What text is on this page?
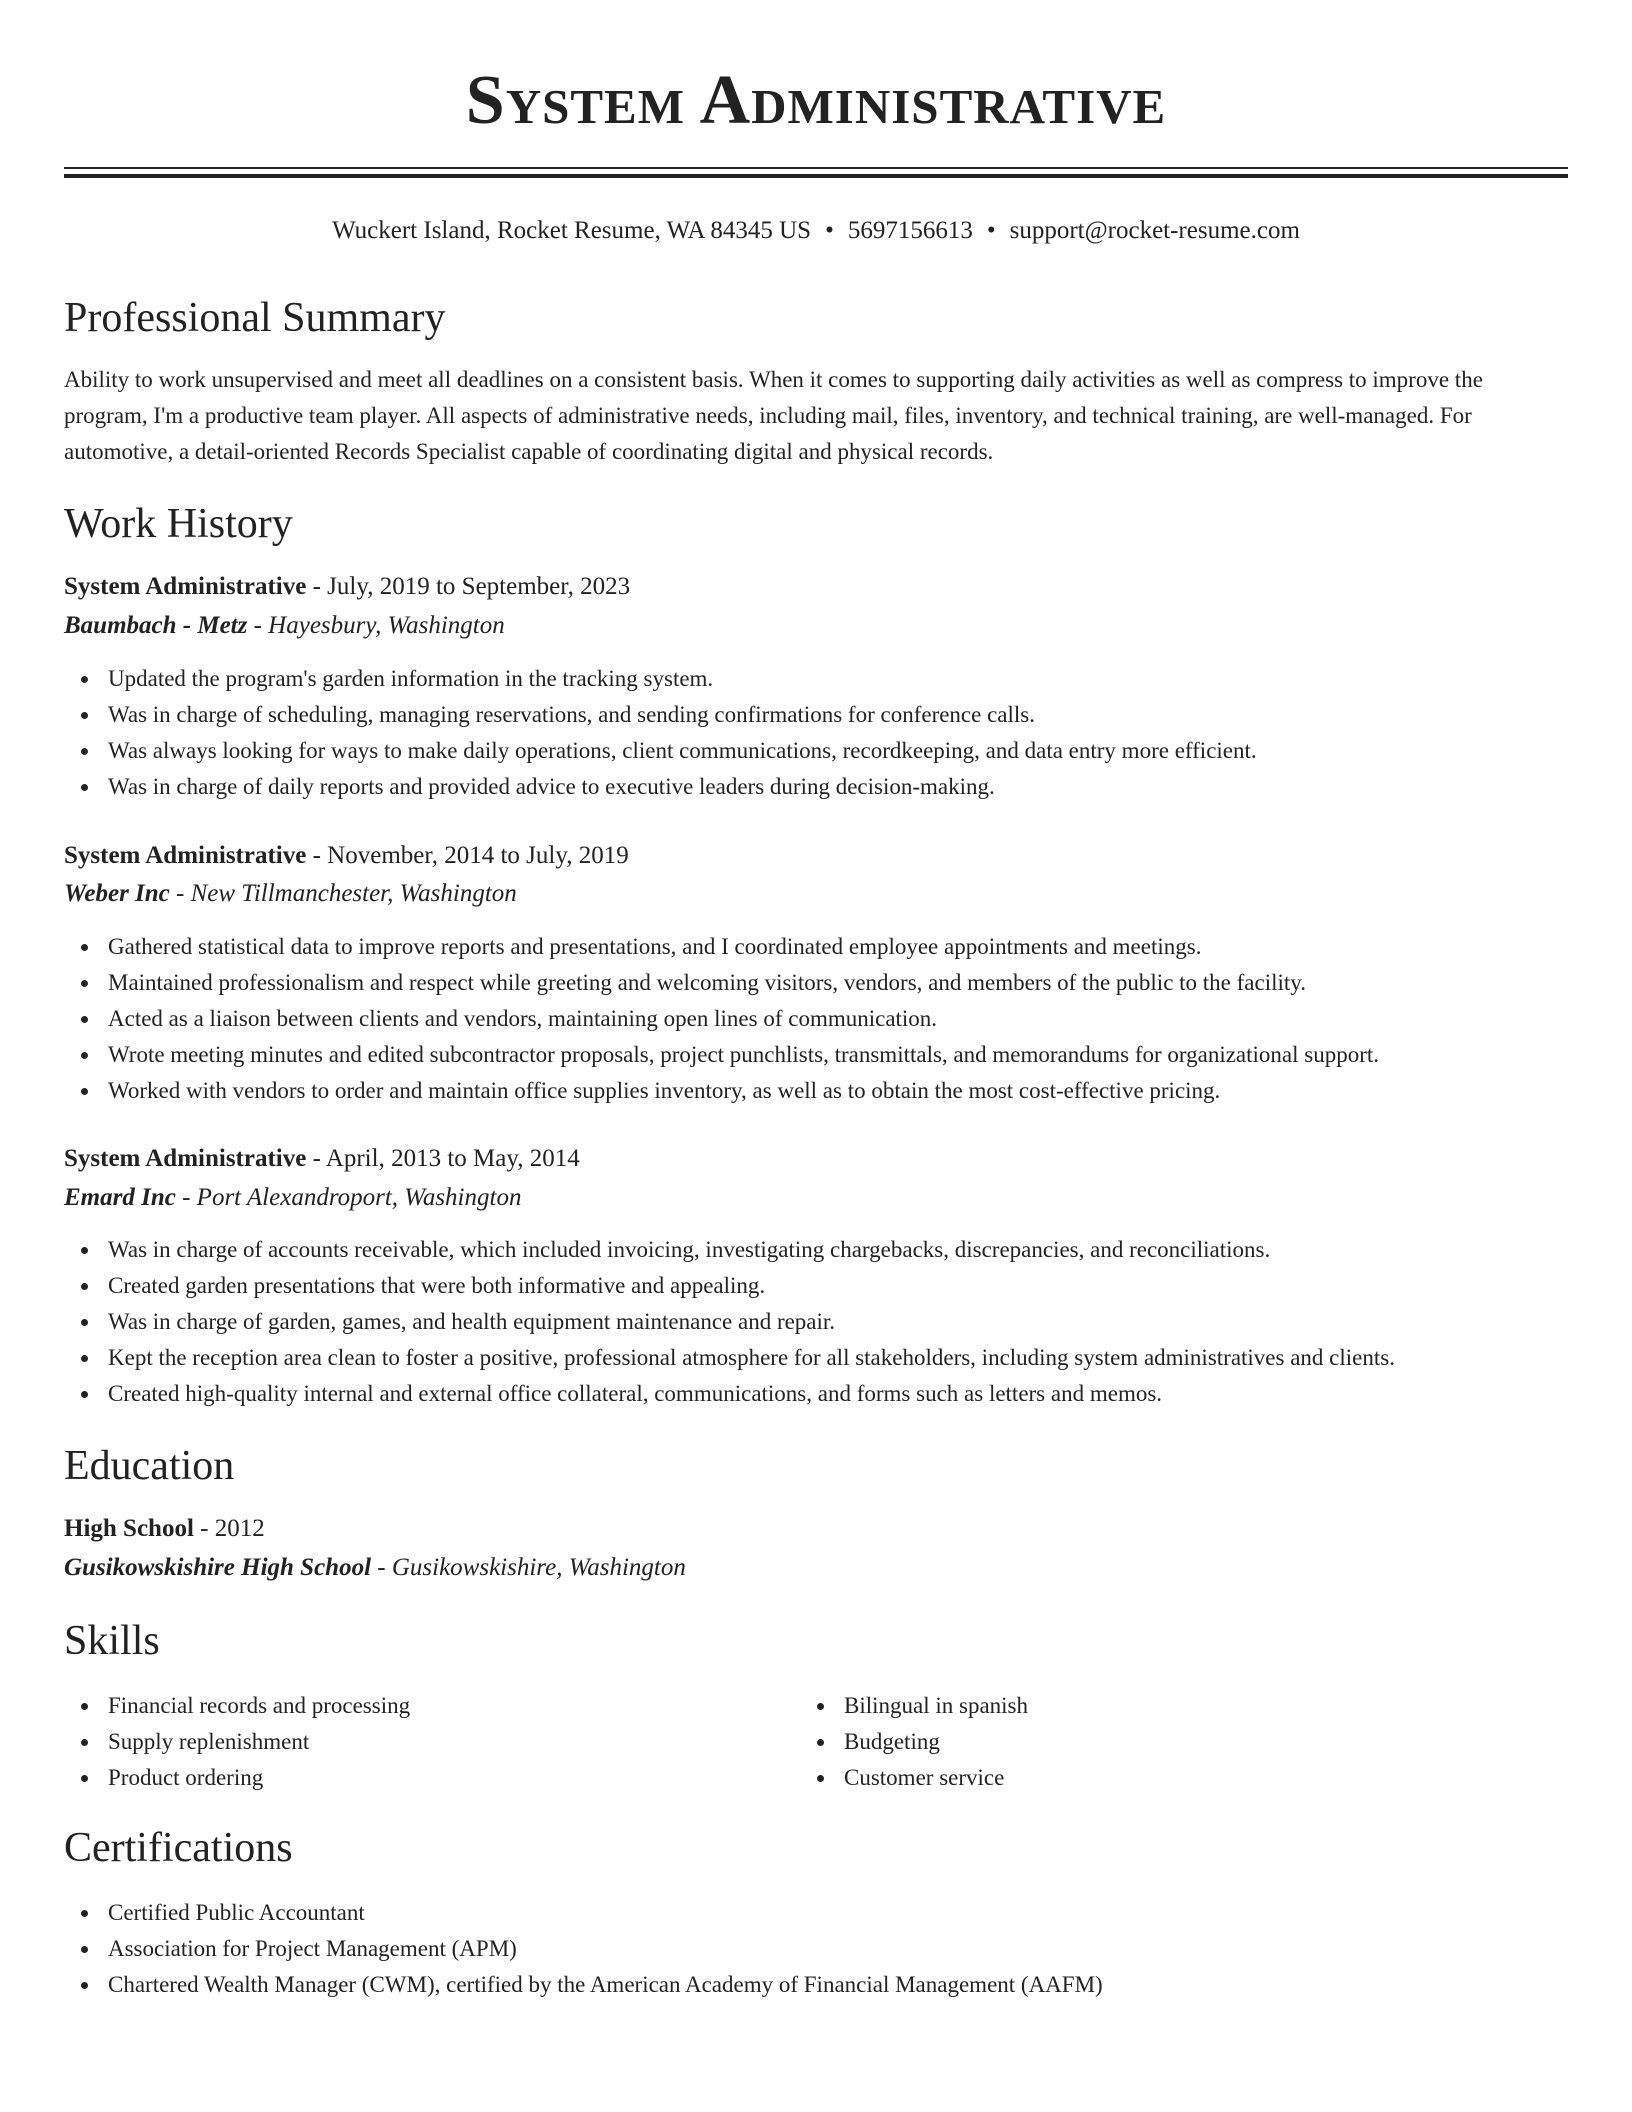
System Administrative

Wuckert Island, Rocket Resume, WA 84345 US • 5697156613 • support@rocket-resume.com

Professional Summary

Ability to work unsupervised and meet all deadlines on a consistent basis. When it comes to supporting daily activities as well as compress to improve the program, I'm a productive team player. All aspects of administrative needs, including mail, files, inventory, and technical training, are well-managed. For automotive, a detail-oriented Records Specialist capable of coordinating digital and physical records.

Work History

System Administrative - July, 2019 to September, 2023

Baumbach - Metz - Hayesbury, Washington

Updated the program's garden information in the tracking system.
Was in charge of scheduling, managing reservations, and sending confirmations for conference calls.
Was always looking for ways to make daily operations, client communications, recordkeeping, and data entry more efficient.
Was in charge of daily reports and provided advice to executive leaders during decision-making.

System Administrative - November, 2014 to July, 2019

Weber Inc - New Tillmanchester, Washington

Gathered statistical data to improve reports and presentations, and I coordinated employee appointments and meetings.
Maintained professionalism and respect while greeting and welcoming visitors, vendors, and members of the public to the facility.
Acted as a liaison between clients and vendors, maintaining open lines of communication.
Wrote meeting minutes and edited subcontractor proposals, project punchlists, transmittals, and memorandums for organizational support.
Worked with vendors to order and maintain office supplies inventory, as well as to obtain the most cost-effective pricing.

System Administrative - April, 2013 to May, 2014

Emard Inc - Port Alexandroport, Washington

Was in charge of accounts receivable, which included invoicing, investigating chargebacks, discrepancies, and reconciliations.
Created garden presentations that were both informative and appealing.
Was in charge of garden, games, and health equipment maintenance and repair.
Kept the reception area clean to foster a positive, professional atmosphere for all stakeholders, including system administratives and clients.
Created high-quality internal and external office collateral, communications, and forms such as letters and memos.
Education

High School - 2012

Gusikowskishire High School - Gusikowskishire, Washington

Skills
Financial records and processing
Supply replenishment
Product ordering
Bilingual in spanish
Budgeting
Customer service
Certifications
Certified Public Accountant
Association for Project Management (APM)
Chartered Wealth Manager (CWM), certified by the American Academy of Financial Management (AAFM)
